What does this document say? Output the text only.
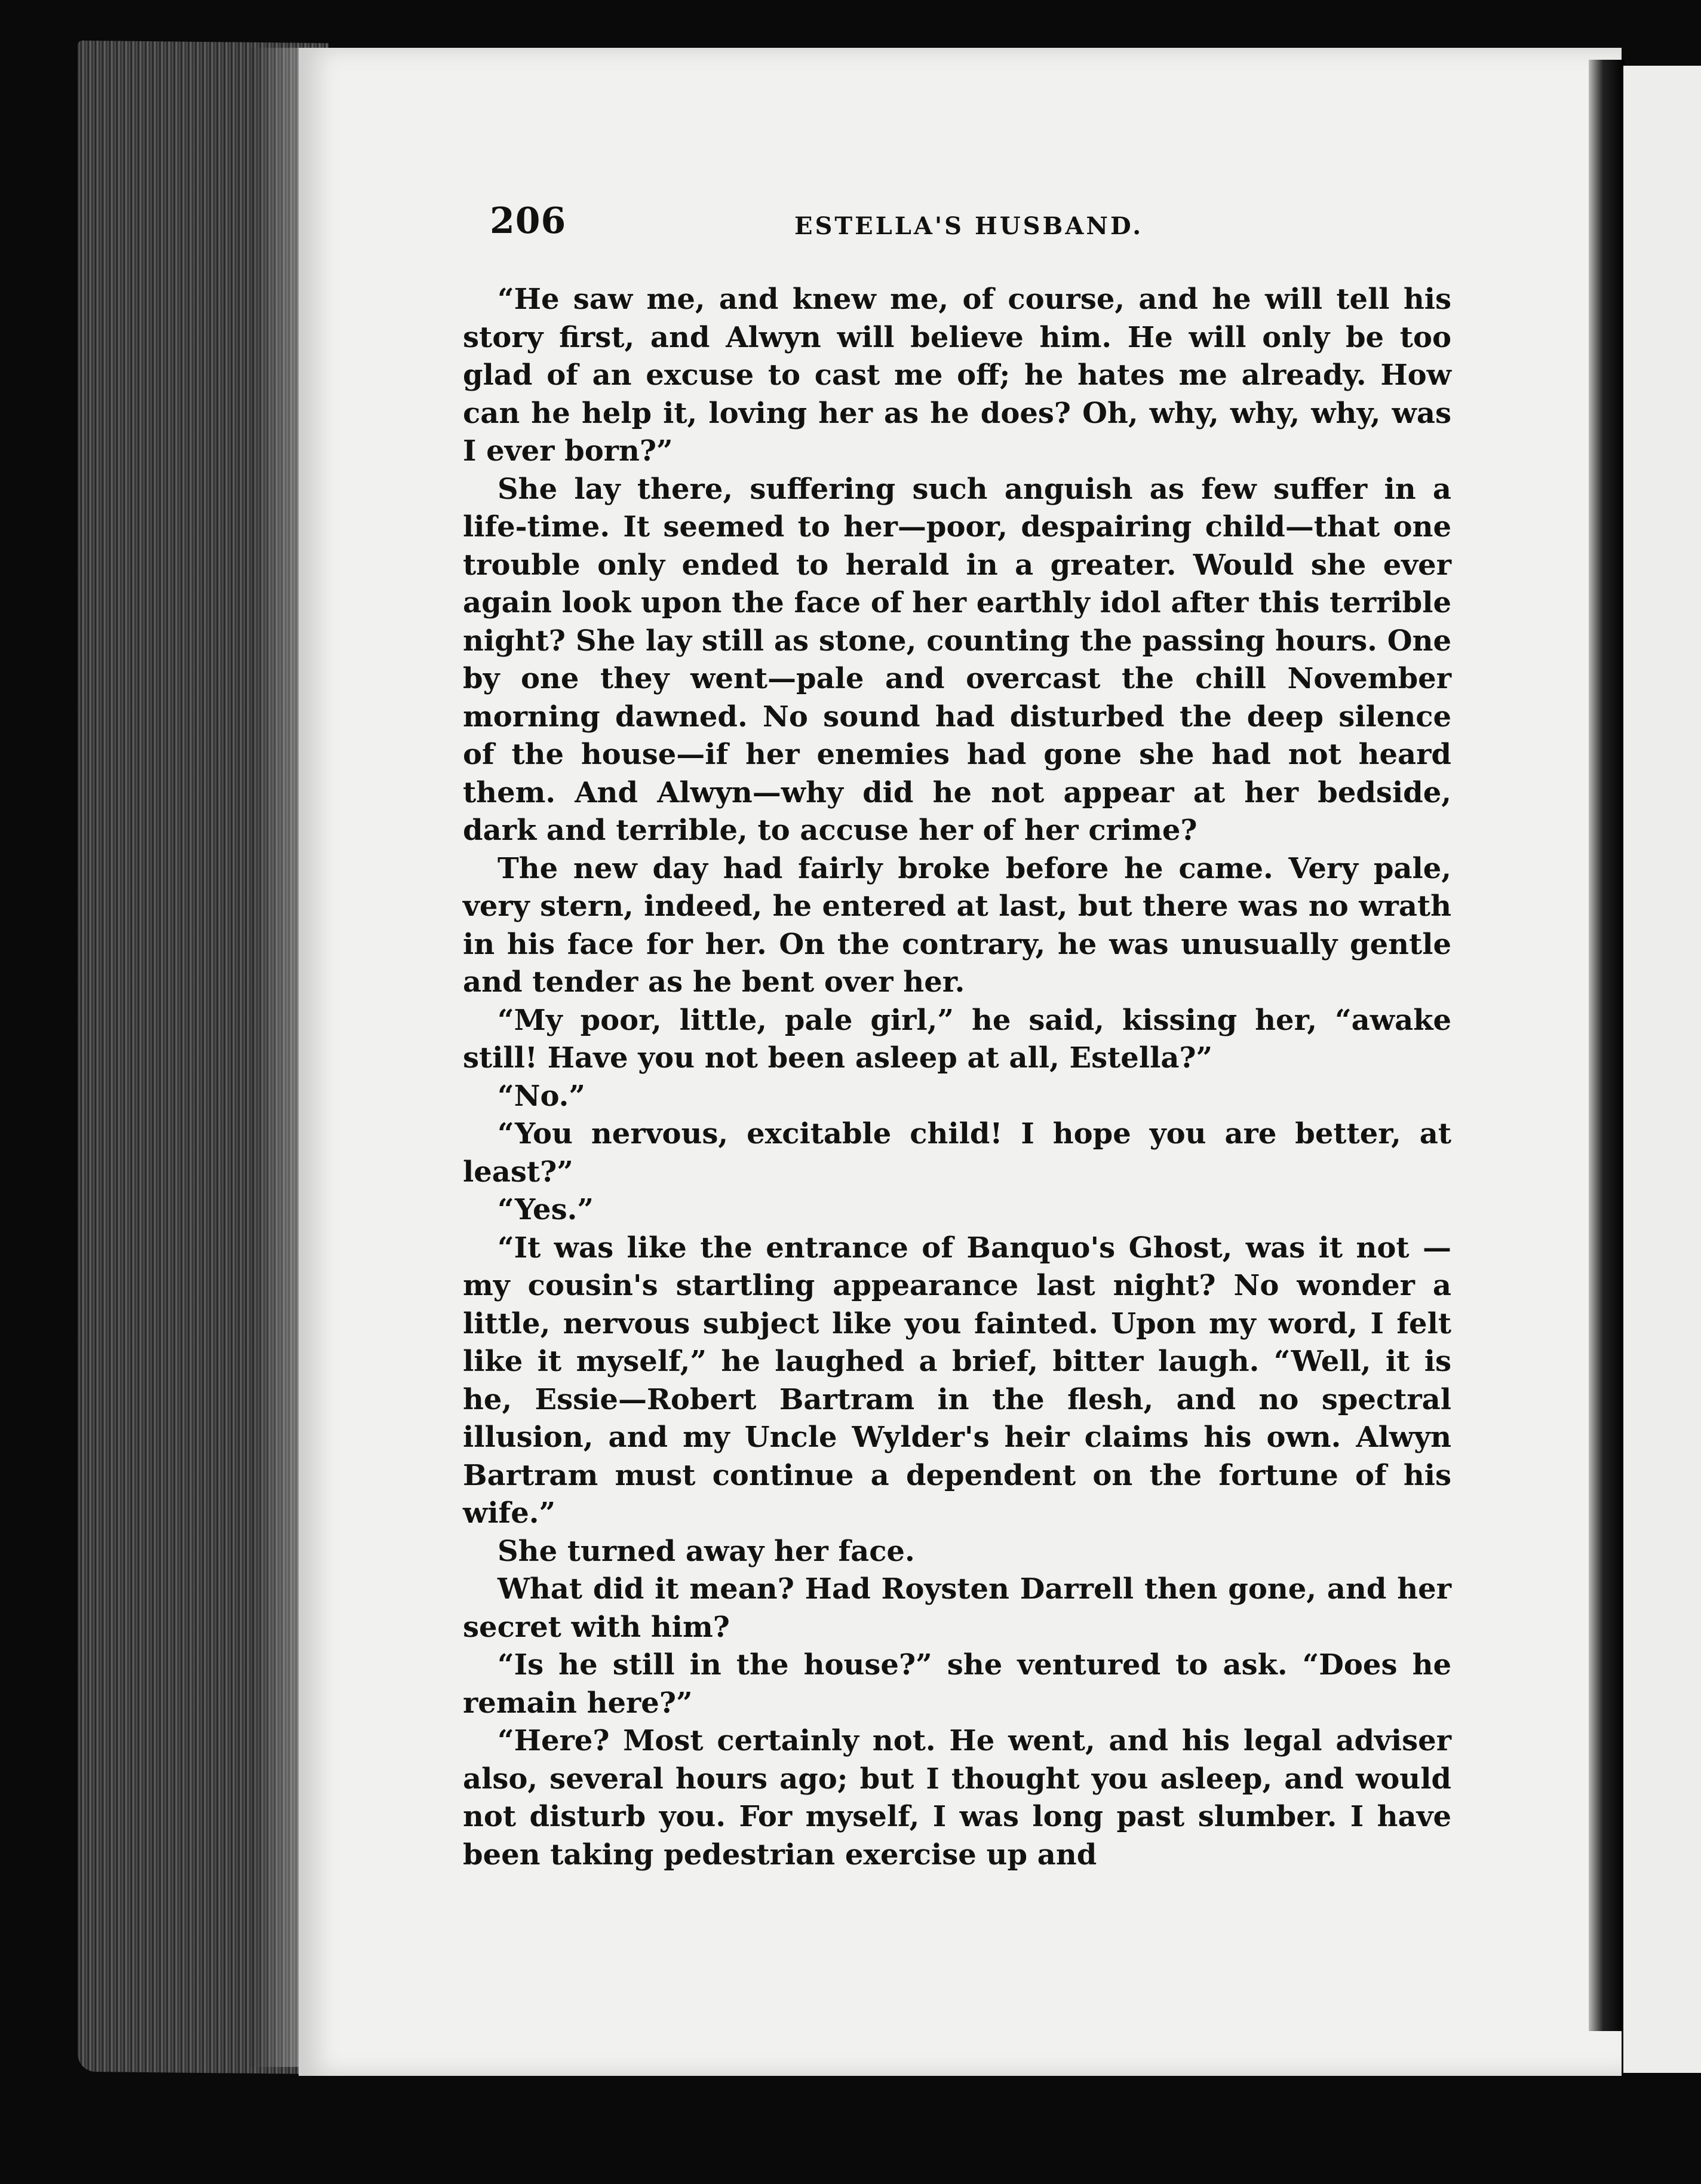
206	ESTELLA'S HUSBAND.

“He saw me, and knew me, of course, and he will tell his story first, and Alwyn will believe him. He will only be too glad of an excuse to cast me off; he hates me already. How can he help it, loving her as he does? Oh, why, why, why, was I ever born?”

She lay there, suffering such anguish as few suffer in a life-time. It seemed to her—poor, despairing child—that one trouble only ended to herald in a greater. Would she ever again look upon the face of her earthly idol after this terrible night? She lay still as stone, counting the passing hours. One by one they went—pale and overcast the chill November morning dawned. No sound had disturbed the deep silence of the house—if her enemies had gone she had not heard them. And Alwyn—why did he not appear at her bedside, dark and terrible, to accuse her of her crime?

The new day had fairly broke before he came. Very pale, very stern, indeed, he entered at last, but there was no wrath in his face for her. On the contrary, he was unusually gentle and tender as he bent over her.

“My poor, little, pale girl,” he said, kissing her, “awake still! Have you not been asleep at all, Estella?”

“No.”

“You nervous, excitable child! I hope you are better, at least?”

“Yes.”

“It was like the entrance of Banquo's Ghost, was it not —my cousin's startling appearance last night? No wonder a little, nervous subject like you fainted. Upon my word, I felt like it myself,” he laughed a brief, bitter laugh. “Well, it is he, Essie—Robert Bartram in the flesh, and no spectral illusion, and my Uncle Wylder's heir claims his own. Alwyn Bartram must continue a dependent on the fortune of his wife.”

She turned away her face.

What did it mean? Had Roysten Darrell then gone, and her secret with him?

“Is he still in the house?” she ventured to ask. “Does he remain here?”

“Here? Most certainly not. He went, and his legal adviser also, several hours ago; but I thought you asleep, and would not disturb you. For myself, I was long past slumber. I have been taking pedestrian exercise up and
